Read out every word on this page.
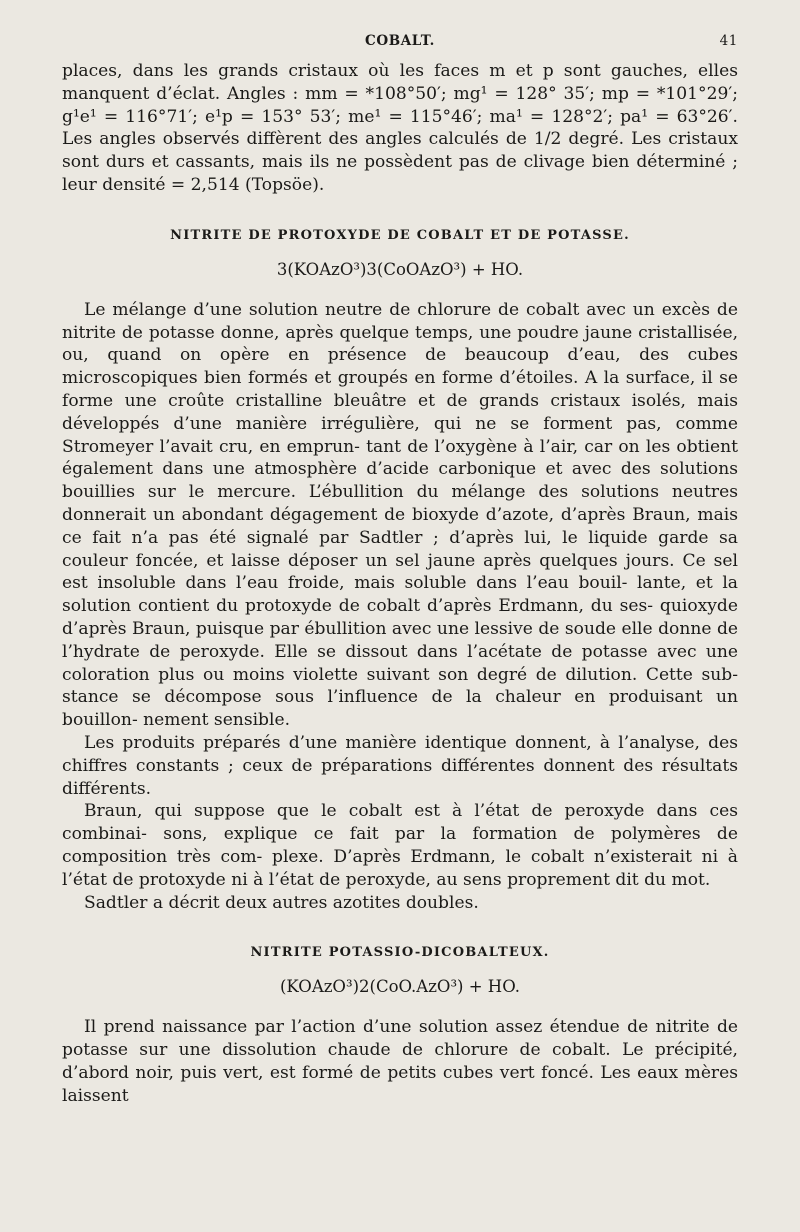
COBALT.	41

places, dans les grands cristaux où les faces m et p sont gauches, elles manquent d’éclat. Angles : mm = *108°50′; mg¹ = 128° 35′; mp = *101°29′; g¹e¹ = 116°71′; e¹p = 153° 53′; me¹ = 115°46′; ma¹ = 128°2′; pa¹ = 63°26′. Les angles observés diffèrent des angles calculés de 1/2 degré. Les cristaux sont durs et cassants, mais ils ne possèdent pas de clivage bien déterminé ; leur densité = 2,514 (Topsöe).

NITRITE DE PROTOXYDE DE COBALT ET DE POTASSE.
3(KOAzO³)3(CoOAzO³) + HO.

Le mélange d’une solution neutre de chlorure de cobalt avec un excès de nitrite de potasse donne, après quelque temps, une poudre jaune cristallisée, ou, quand on opère en présence de beaucoup d’eau, des cubes microscopiques bien formés et groupés en forme d’étoiles. A la surface, il se forme une croûte cristalline bleuâtre et de grands cristaux isolés, mais développés d’une manière irrégulière, qui ne se forment pas, comme Stromeyer l’avait cru, en emprun- tant de l’oxygène à l’air, car on les obtient également dans une atmosphère d’acide carbonique et avec des solutions bouillies sur le mercure. L’ébullition du mélange des solutions neutres donnerait un abondant dégagement de bioxyde d’azote, d’après Braun, mais ce fait n’a pas été signalé par Sadtler ; d’après lui, le liquide garde sa couleur foncée, et laisse déposer un sel jaune après quelques jours. Ce sel est insoluble dans l’eau froide, mais soluble dans l’eau bouil- lante, et la solution contient du protoxyde de cobalt d’après Erdmann, du ses- quioxyde d’après Braun, puisque par ébullition avec une lessive de soude elle donne de l’hydrate de peroxyde. Elle se dissout dans l’acétate de potasse avec une coloration plus ou moins violette suivant son degré de dilution. Cette sub- stance se décompose sous l’influence de la chaleur en produisant un bouillon- nement sensible.

Les produits préparés d’une manière identique donnent, à l’analyse, des chiffres constants ; ceux de préparations différentes donnent des résultats différents.

Braun, qui suppose que le cobalt est à l’état de peroxyde dans ces combinai- sons, explique ce fait par la formation de polymères de composition très com- plexe. D’après Erdmann, le cobalt n’existerait ni à l’état de protoxyde ni à l’état de peroxyde, au sens proprement dit du mot.

Sadtler a décrit deux autres azotites doubles.

NITRITE POTASSIO-DICOBALTEUX.
(KOAzO³)2(CoO.AzO³) + HO.

Il prend naissance par l’action d’une solution assez étendue de nitrite de potasse sur une dissolution chaude de chlorure de cobalt. Le précipité, d’abord noir, puis vert, est formé de petits cubes vert foncé. Les eaux mères laissent
